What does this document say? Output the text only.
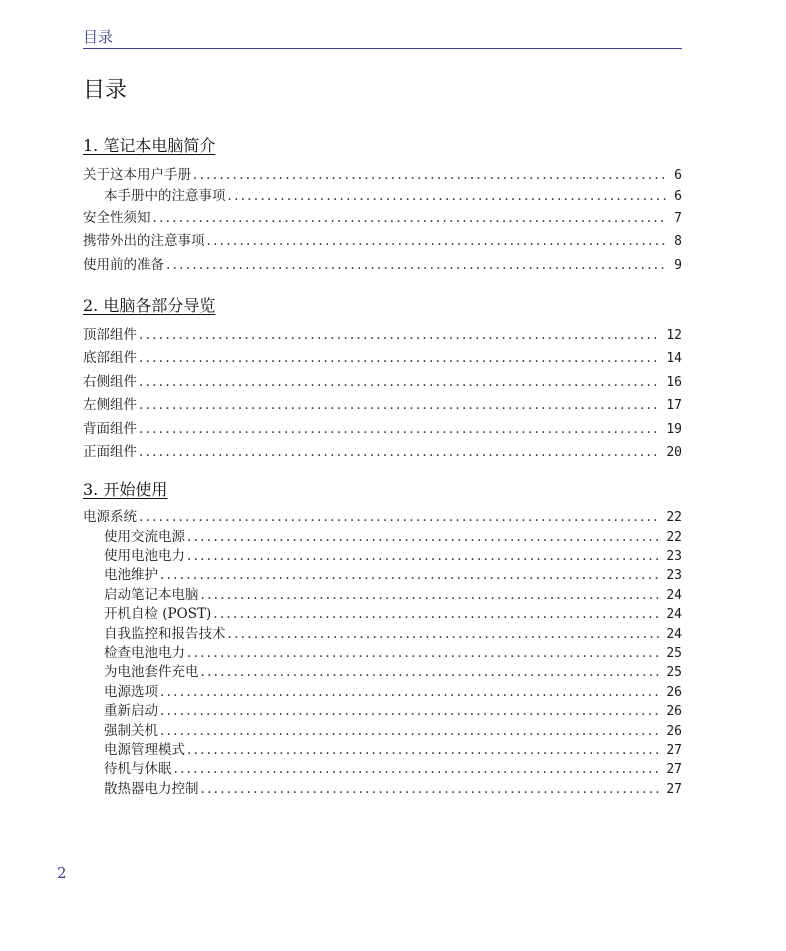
目录
目录
1. 笔记本电脑简介
关于这本用户手册 .....	6
本手册中的注意事项 .....	6
安全性须知 .....	7
携带外出的注意事项 .....	8
使用前的准备 .....	9
2. 电脑各部分导览
顶部组件 .....	12
底部组件 .....	14
右侧组件 .....	16
左侧组件 .....	17
背面组件 .....	19
正面组件 .....	20
3. 开始使用
电源系统 .....	22
使用交流电源 .....	22
使用电池电力 .....	23
电池维护 .....	23
启动笔记本电脑 .....	24
开机自检 (POST) .....	24
自我监控和报告技术 .....	24
检查电池电力 .....	25
为电池套件充电 .....	25
电源选项 .....	26
重新启动 .....	26
强制关机 .....	26
电源管理模式 .....	27
待机与休眠 .....	27
散热器电力控制 .....	27
2
